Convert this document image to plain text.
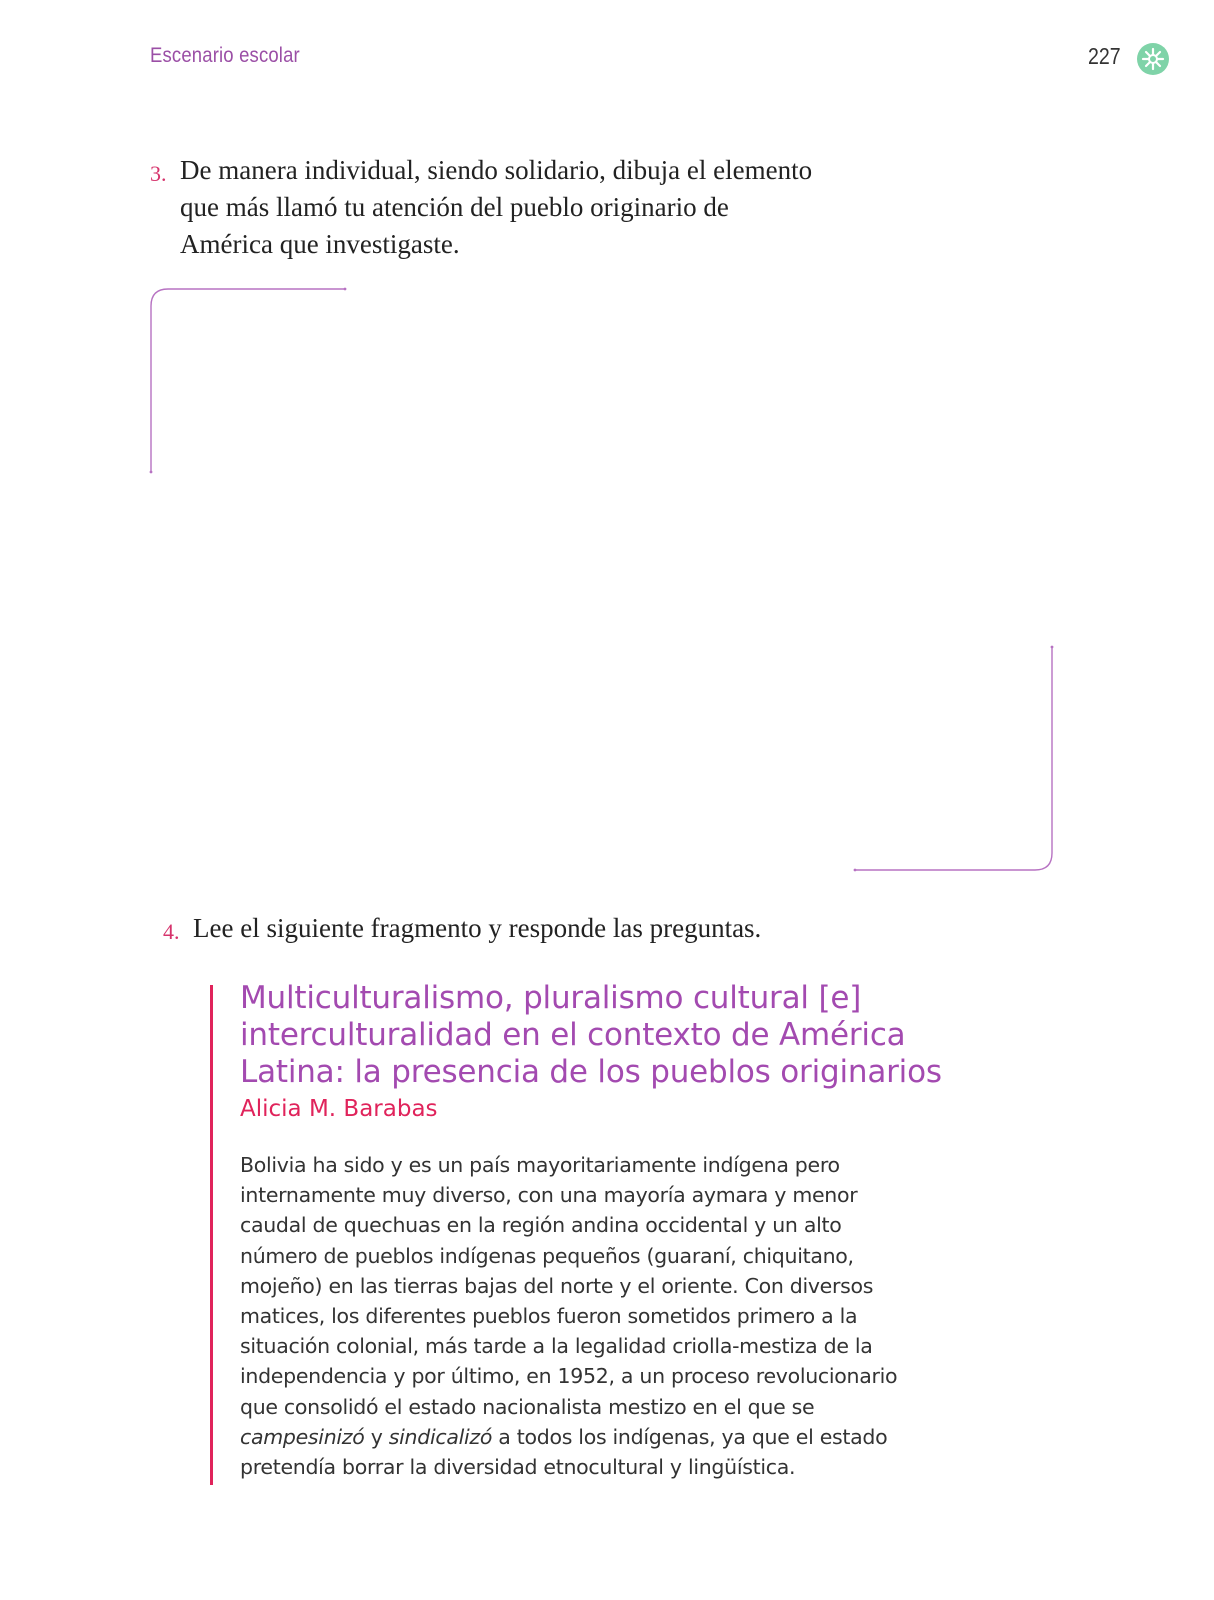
Escenario escolar	227
3. De manera individual, siendo solidario, dibuja el elemento
que más llamó tu atención del pueblo originario de
América que investigaste.
4. Lee el siguiente fragmento y responde las preguntas.
Multiculturalismo, pluralismo cultural [e]
interculturalidad en el contexto de América
Latina: la presencia de los pueblos originarios
Alicia M. Barabas
Bolivia ha sido y es un país mayoritariamente indígena pero
internamente muy diverso, con una mayoría aymara y menor
caudal de quechuas en la región andina occidental y un alto
número de pueblos indígenas pequeños (guaraní, chiquitano,
mojeño) en las tierras bajas del norte y el oriente. Con diversos
matices, los diferentes pueblos fueron sometidos primero a la
situación colonial, más tarde a la legalidad criolla-mestiza de la
independencia y por último, en 1952, a un proceso revolucionario
que consolidó el estado nacionalista mestizo en el que se
campesinizó y sindicalizó a todos los indígenas, ya que el estado
pretendía borrar la diversidad etnocultural y lingüística.
